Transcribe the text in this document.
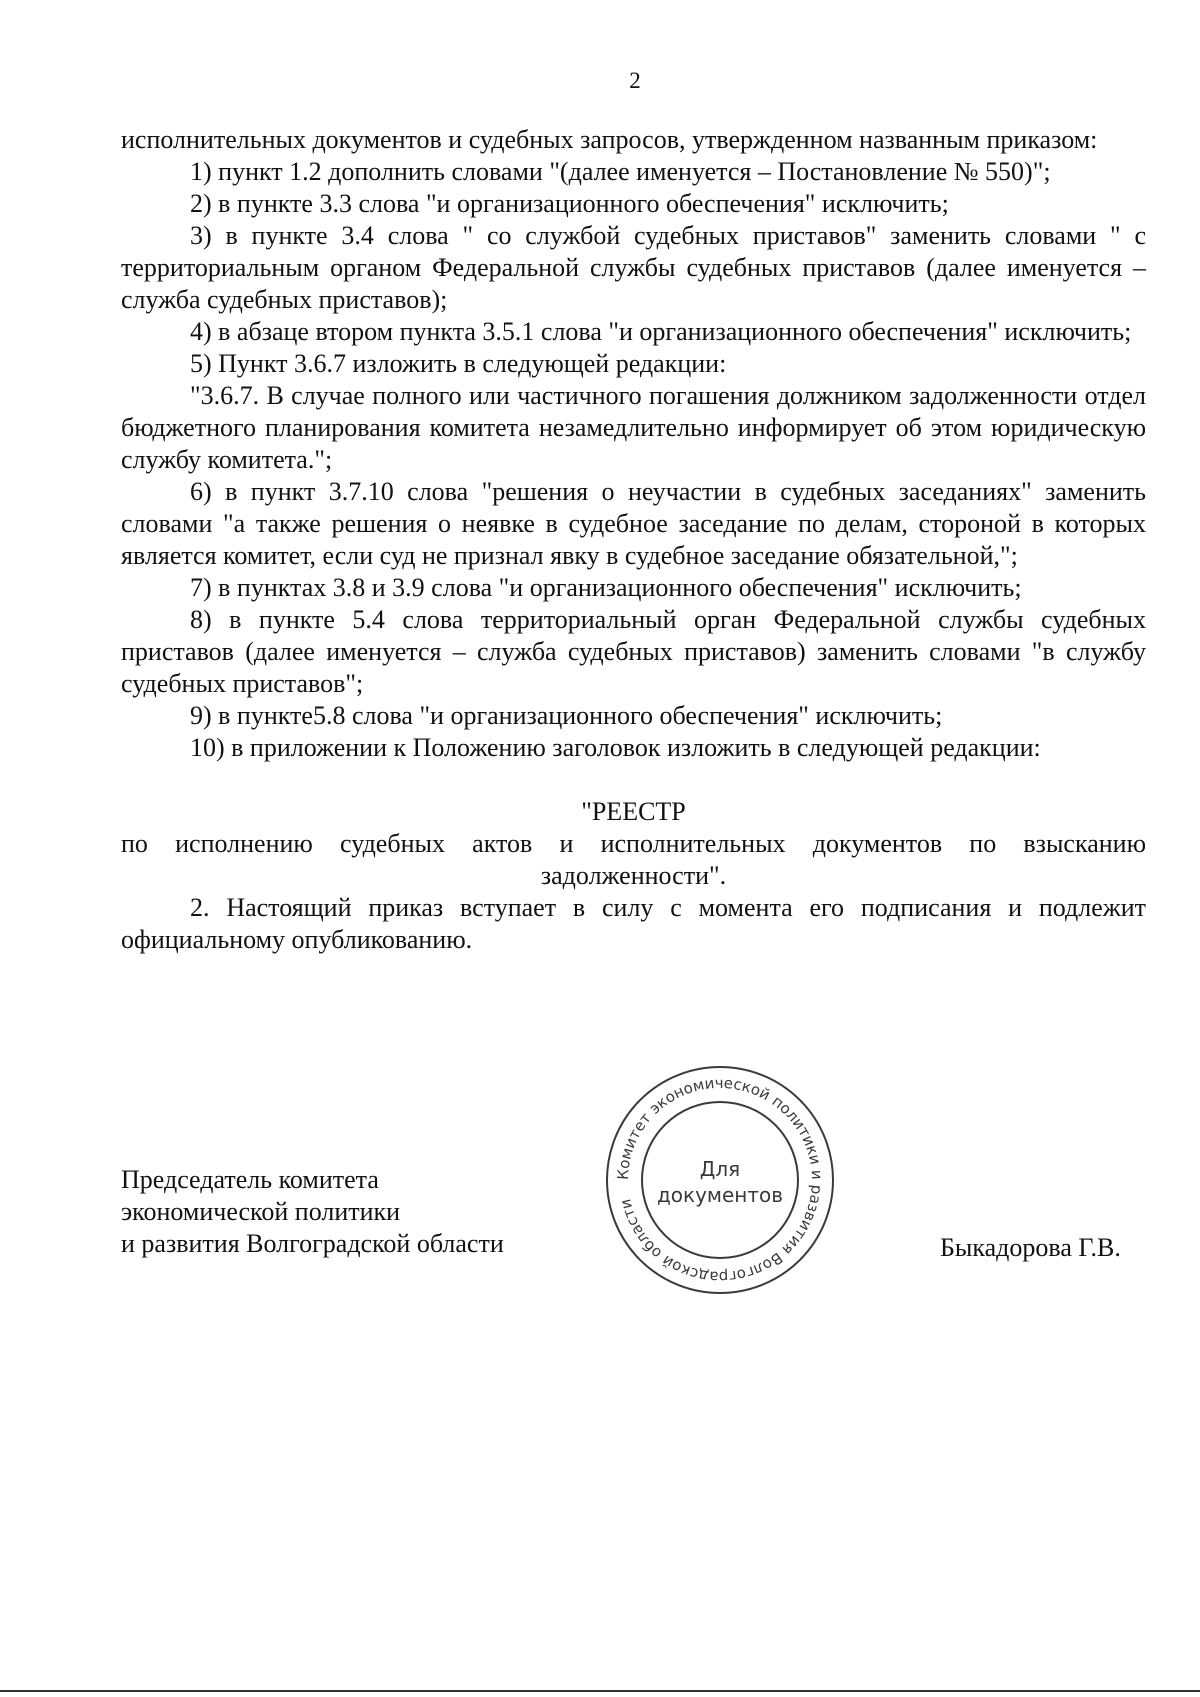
2

исполнительных документов и судебных запросов, утвержденном названным приказом:

1) пункт 1.2 дополнить словами "(далее именуется – Постановление № 550)";

2) в пункте 3.3 слова "и организационного обеспечения" исключить;

3) в пункте 3.4 слова " со службой судебных приставов" заменить словами " с территориальным органом Федеральной службы судебных приставов (далее именуется – служба судебных приставов);

4) в абзаце втором пункта 3.5.1 слова "и организационного обеспечения" исключить;

5) Пункт 3.6.7 изложить в следующей редакции:

"3.6.7. В случае полного или частичного погашения должником задолженности отдел бюджетного планирования комитета незамедлительно информирует об этом юридическую службу комитета.";

6) в пункт 3.7.10 слова "решения о неучастии в судебных заседаниях" заменить словами "а также решения о неявке в судебное заседание по делам, стороной в которых является комитет, если суд не признал явку в судебное заседание обязательной,";

7) в пунктах 3.8 и 3.9 слова "и организационного обеспечения" исключить;

8) в пункте 5.4 слова территориальный орган Федеральной службы судебных приставов (далее именуется – служба судебных приставов) заменить словами "в службу судебных приставов";

9) в пункте5.8 слова "и организационного обеспечения" исключить;

10) в приложении к Положению заголовок изложить в следующей редакции:

"РЕЕСТР

по исполнению судебных актов и исполнительных документов по взысканию задолженности".

2. Настоящий приказ вступает в силу с момента его подписания и подлежит официальному опубликованию.

Председатель комитета
экономической политики
и развития Волгоградской области	Быкадорова Г.В.
Комитет экономической политики и развития Волгоградской области
Для
документов
